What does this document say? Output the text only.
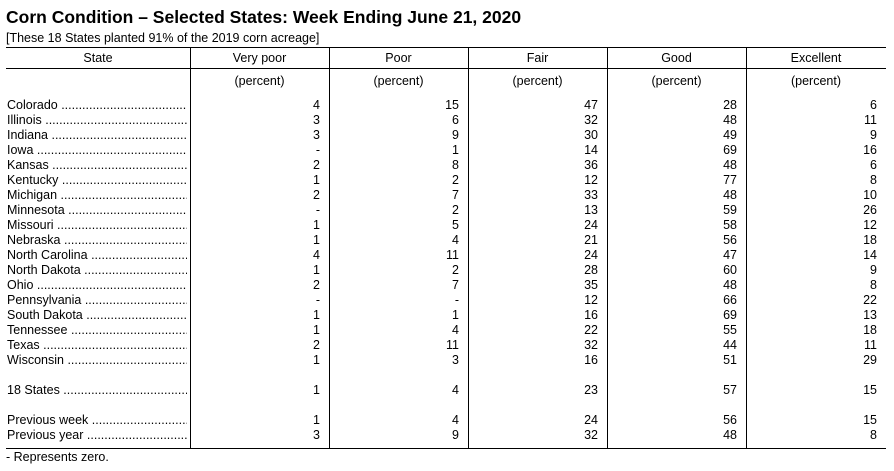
Corn Condition – Selected States: Week Ending June 21, 2020
[These 18 States planted 91% of the 2019 corn acreage]
State	Very poor	Poor	Fair	Good	Excellent
(percent)	(percent)	(percent)	(percent)	(percent)
Colorado .....	4	15	47	28	6
Illinois .....	3	6	32	48	11
Indiana .....	3	9	30	49	9
Iowa .....	-	1	14	69	16
Kansas .....	2	8	36	48	6
Kentucky .....	1	2	12	77	8
Michigan .....	2	7	33	48	10
Minnesota .....	-	2	13	59	26
Missouri .....	1	5	24	58	12
Nebraska .....	1	4	21	56	18
North Carolina .....	4	11	24	47	14
North Dakota .....	1	2	28	60	9
Ohio .....	2	7	35	48	8
Pennsylvania .....	-	-	12	66	22
South Dakota .....	1	1	16	69	13
Tennessee .....	1	4	22	55	18
Texas .....	2	11	32	44	11
Wisconsin .....	1	3	16	51	29
18 States .....	1	4	23	57	15
Previous week .....	1	4	24	56	15
Previous year .....	3	9	32	48	8
- Represents zero.
